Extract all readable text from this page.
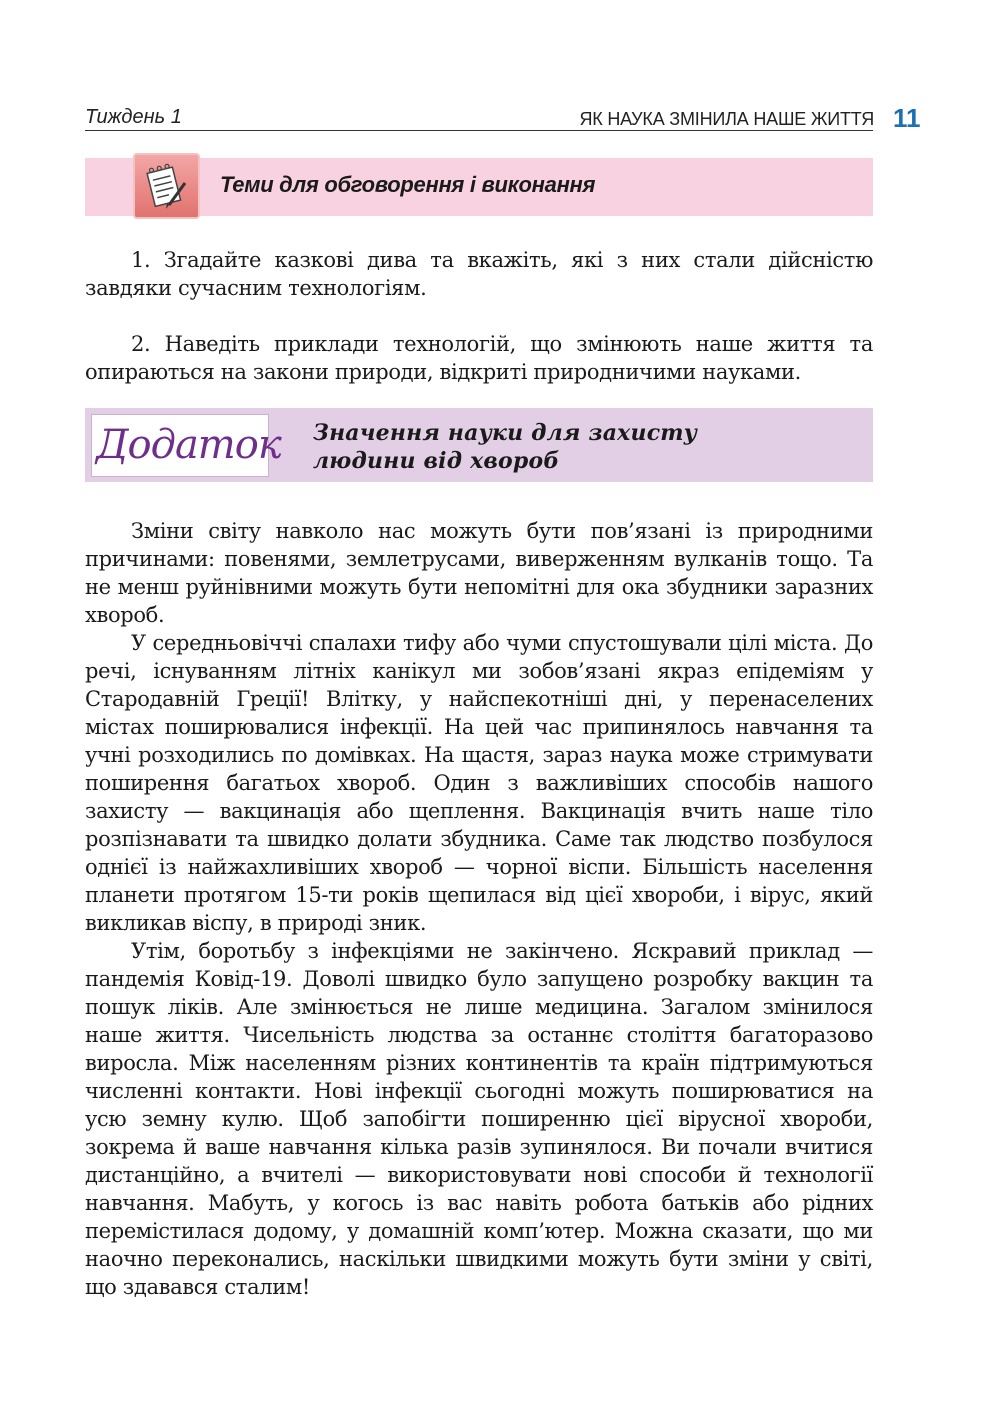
Тиждень 1	ЯК НАУКА ЗМІНИЛА НАШЕ ЖИТТЯ 11
Теми для обговорення і виконання

1. Згадайте казкові дива та вкажіть, які з них стали дійсністю завдяки сучасним технологіям.

2. Наведіть приклади технологій, що змінюють наше життя та опираються на закони природи, відкриті природничими науками.

Додаток Значення науки для захисту
людини від хвороб

Зміни світу навколо нас можуть бути пов’язані із природними причинами: повенями, землетрусами, виверженням вулканів тощо. Та не менш руйнівними можуть бути непомітні для ока збудники заразних хвороб.

У середньовіччі спалахи тифу або чуми спустошували цілі міста. До речі, існуванням літніх канікул ми зобов’язані якраз епідеміям у Стародавній Греції! Влітку, у найспекотніші дні, у перенаселених містах поширювалися інфекції. На цей час припинялось навчання та учні розходились по домівках. На щастя, зараз наука може стримувати поширення багатьох хвороб. Один з важливіших способів нашого захисту — вакцинація або щеплення. Вакцинація вчить наше тіло розпізнавати та швидко долати збудника. Саме так людство позбулося однієї із найжахливіших хвороб — чорної віспи. Більшість населення планети протягом 15-ти років щепилася від цієї хвороби, і вірус, який викликав віспу, в природі зник.

Утім, боротьбу з інфекціями не закінчено. Яскравий приклад — пандемія Ковід-19. Доволі швидко було запущено розробку вакцин та пошук ліків. Але змінюється не лише медицина. Загалом змінилося наше життя. Чисельність людства за останнє століття багаторазово виросла. Між населенням різних континентів та країн підтримуються численні контакти. Нові інфекції сьогодні можуть поширюватися на усю земну кулю. Щоб запобігти поширенню цієї вірусної хвороби, зокрема й ваше навчання кілька разів зупинялося. Ви почали вчитися дистанційно, а вчителі — використовувати нові способи й технології навчання. Мабуть, у когось із вас навіть робота батьків або рідних перемістилася додому, у домашній комп’ютер. Можна сказати, що ми наочно переконались, наскільки швидкими можуть бути зміни у світі, що здавався сталим!
